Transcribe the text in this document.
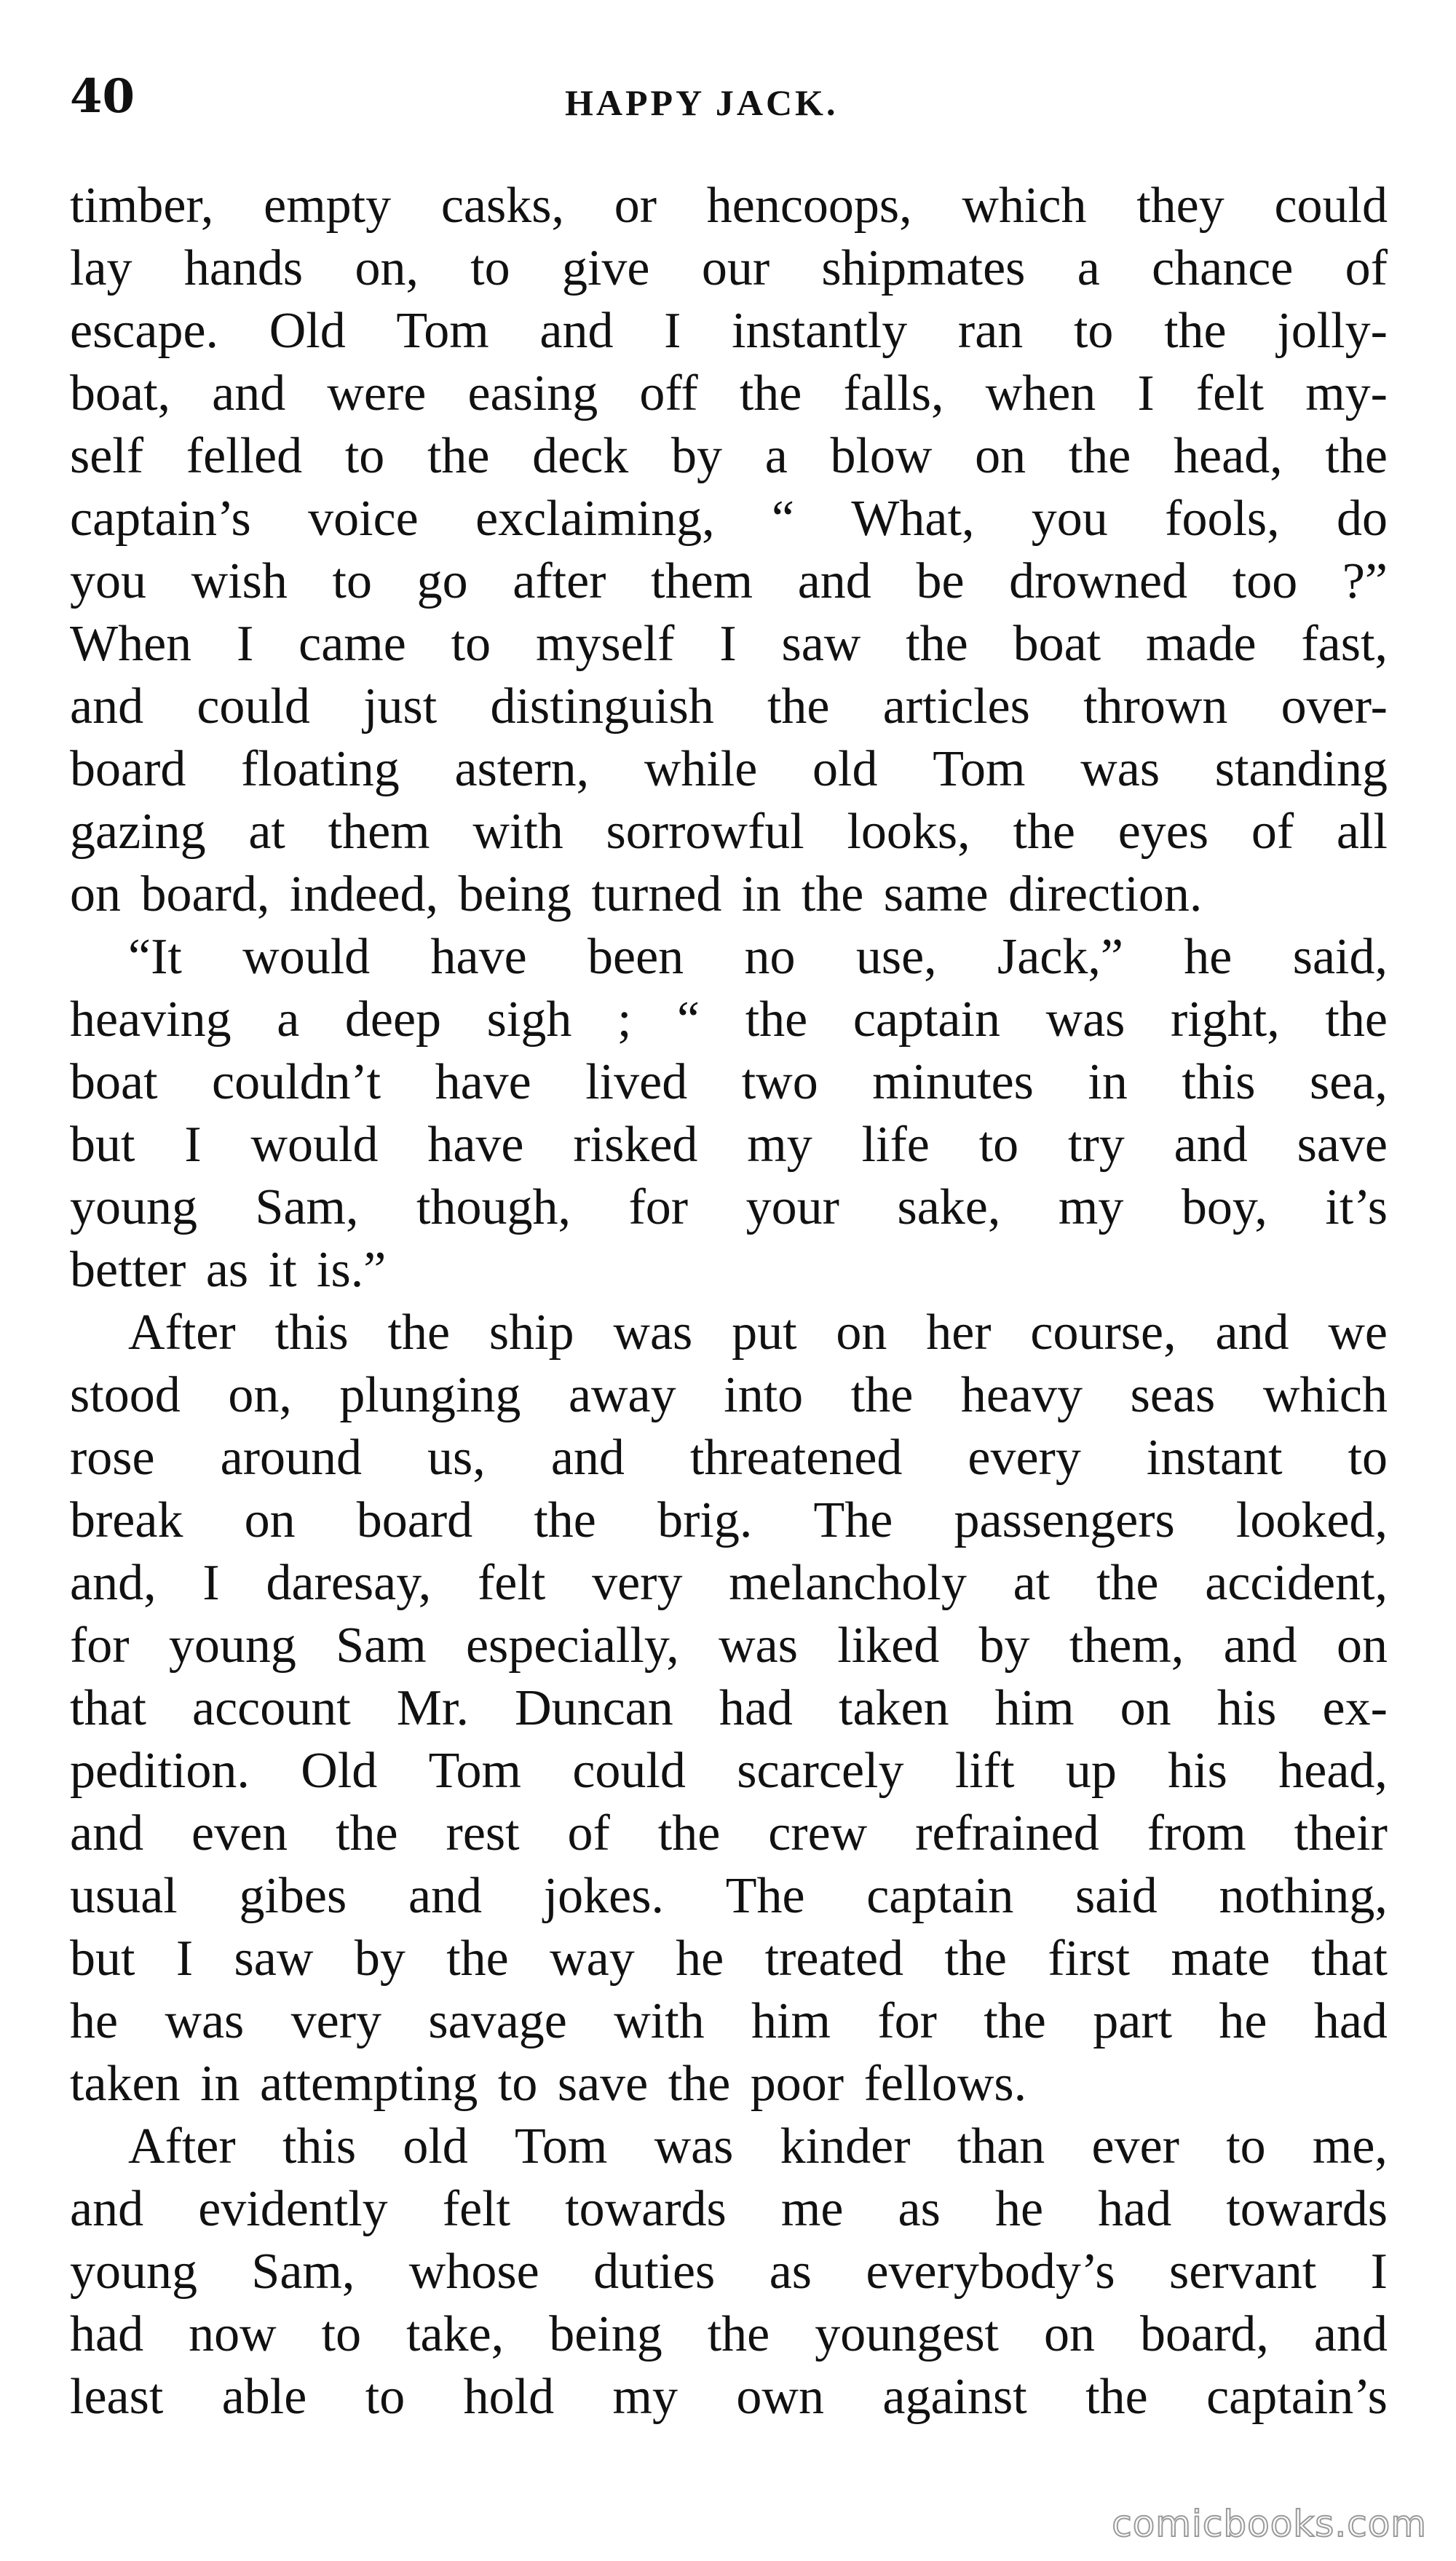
40	HAPPY JACK.
timber, empty casks, or hencoops, which they could
lay hands on, to give our shipmates a chance of
escape. Old Tom and I instantly ran to the jolly-
boat, and were easing off the falls, when I felt my-
self felled to the deck by a blow on the head, the
captain’s voice exclaiming, “ What, you fools, do
you wish to go after them and be drowned too ?”
When I came to myself I saw the boat made fast,
and could just distinguish the articles thrown over-
board floating astern, while old Tom was standing
gazing at them with sorrowful looks, the eyes of all
on board, indeed, being turned in the same direction.
“It would have been no use, Jack,” he said,
heaving a deep sigh ; “ the captain was right, the
boat couldn’t have lived two minutes in this sea,
but I would have risked my life to try and save
young Sam, though, for your sake, my boy, it’s
better as it is.”
After this the ship was put on her course, and we
stood on, plunging away into the heavy seas which
rose around us, and threatened every instant to
break on board the brig. The passengers looked,
and, I daresay, felt very melancholy at the accident,
for young Sam especially, was liked by them, and on
that account Mr. Duncan had taken him on his ex-
pedition. Old Tom could scarcely lift up his head,
and even the rest of the crew refrained from their
usual gibes and jokes. The captain said nothing,
but I saw by the way he treated the first mate that
he was very savage with him for the part he had
taken in attempting to save the poor fellows.
After this old Tom was kinder than ever to me,
and evidently felt towards me as he had towards
young Sam, whose duties as everybody’s servant I
had now to take, being the youngest on board, and
least able to hold my own against the captain’s
comicbooks.com
